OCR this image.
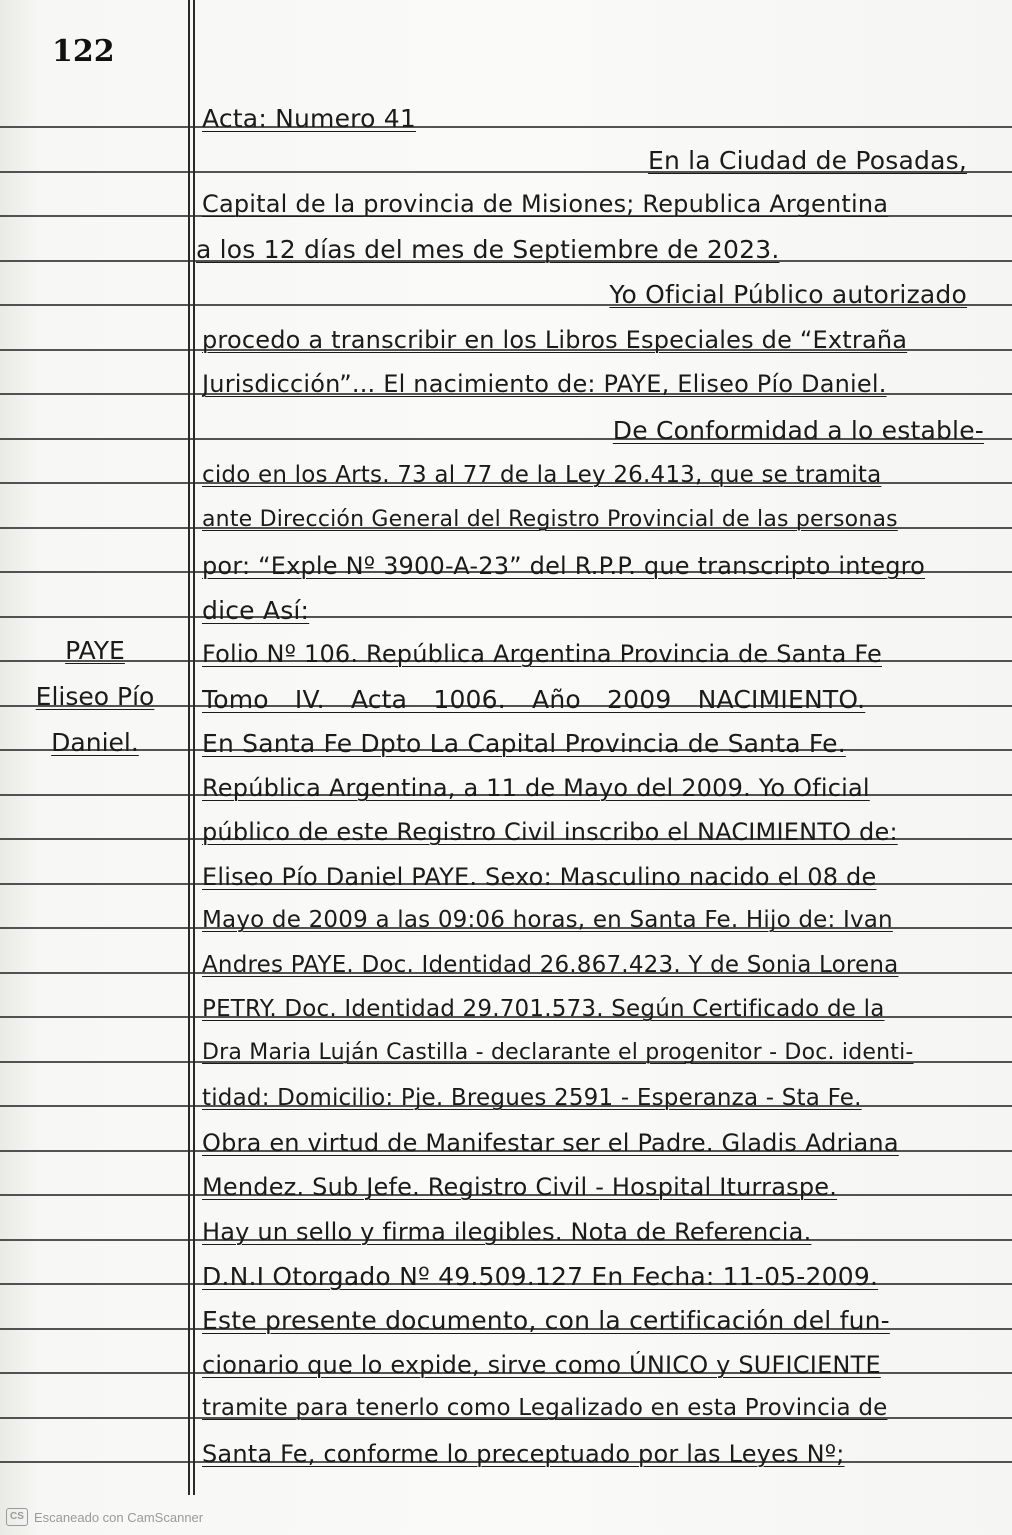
122
PAYE
Eliseo Pío
Daniel.
Acta: Numero 41
En la Ciudad de Posadas,
Capital de la provincia de Misiones; Republica Argentina
a los 12 días del mes de Septiembre de 2023.
Yo Oficial Público autorizado
procedo a transcribir en los Libros Especiales de “Extraña
Jurisdicción”... El nacimiento de: PAYE, Eliseo Pío Daniel.
De Conformidad a lo estable-
cido en los Arts. 73 al 77 de la Ley 26.413, que se tramita
ante Dirección General del Registro Provincial de las personas
por: “Exple Nº 3900-A-23” del R.P.P. que transcripto integro
dice Así:
Folio Nº 106. República Argentina Provincia de Santa Fe
Tomo IV. Acta 1006. Año 2009 NACIMIENTO.
En Santa Fe Dpto La Capital Provincia de Santa Fe.
República Argentina, a 11 de Mayo del 2009. Yo Oficial
público de este Registro Civil inscribo el NACIMIENTO de:
Eliseo Pío Daniel PAYE. Sexo: Masculino nacido el 08 de
Mayo de 2009 a las 09:06 horas, en Santa Fe. Hijo de: Ivan
Andres PAYE. Doc. Identidad 26.867.423. Y de Sonia Lorena
PETRY. Doc. Identidad 29.701.573. Según Certificado de la
Dra Maria Luján Castilla - declarante el progenitor - Doc. identi-
tidad: Domicilio: Pje. Bregues 2591 - Esperanza - Sta Fe.
Obra en virtud de Manifestar ser el Padre. Gladis Adriana
Mendez. Sub Jefe. Registro Civil - Hospital Iturraspe.
Hay un sello y firma ilegibles. Nota de Referencia.
D.N.I Otorgado Nº 49.509.127 En Fecha: 11-05-2009.
Este presente documento, con la certificación del fun-
cionario que lo expide, sirve como ÚNICO y SUFICIENTE
tramite para tenerlo como Legalizado en esta Provincia de
Santa Fe, conforme lo preceptuado por las Leyes Nº;
CS Escaneado con CamScanner
